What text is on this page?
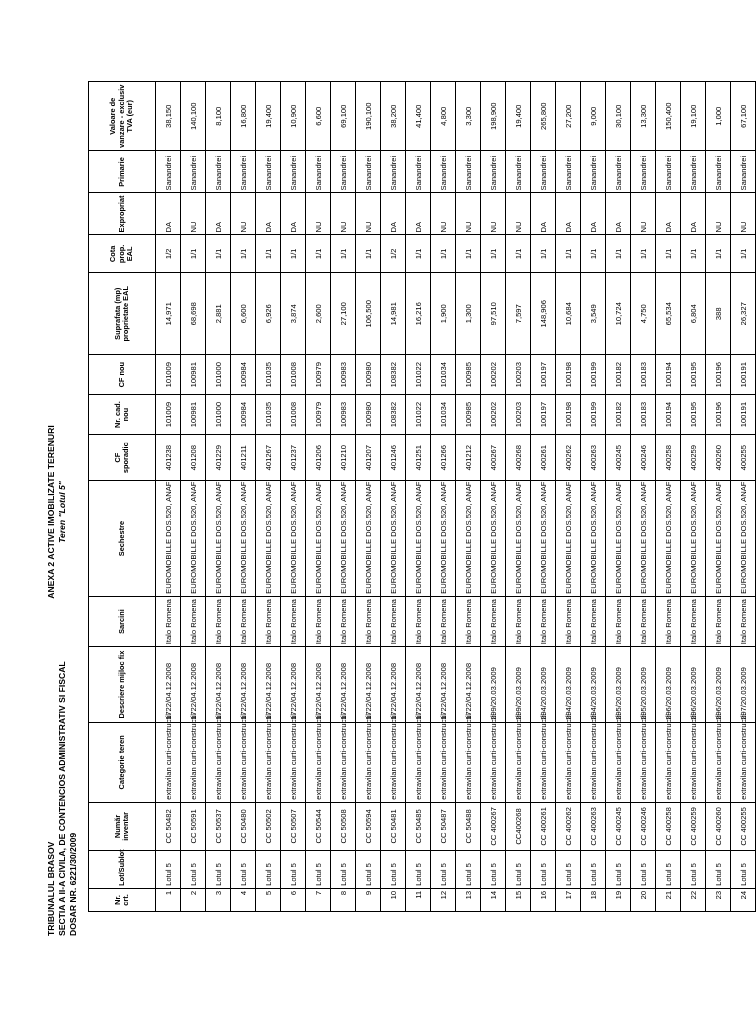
TRIBUNALUL BRASOV SECTIA A II-A CIVILA, DE CONTENCIOS ADMINISTRATIV SI FISCAL DOSAR NR. 6221/30/2009
ANEXA 2 ACTIVE IMOBILIZATE TERENURI Teren "Lotul 5"
Nr. crt.	Lot/Sublot	Număr inventar	Categorie teren	Descriere mijloc fix	Sarcini	Sechestre	CF sporadic	Nr. cad. nou	CF nou	Suprafata (mp) proprietate EAL	Cota prop. EAL	Expropriat	Primarie	Valoare de vanzare - exclusiv TVA (eur)
1	Lotul 5	CC 50482	extravilan curti-constructii	1722/04.12.2008	Italo Romena	EUROMOBILLE DOS.520, ANAF	401238	101009	101009	14,971	1/2	DA	Sanandrei	38,150
2	Lotul 5	CC 50591	extravilan curti-constructii	1722/04.12.2008	Italo Romena	EUROMOBILLE DOS.520, ANAF	401208	100981	100981	68,698	1/1	NU	Sanandrei	140,100
3	Lotul 5	CC 50537	extravilan curti-constructii	1722/04.12.2008	Italo Romena	EUROMOBILLE DOS.520, ANAF	401229	101000	101000	2,881	1/1	DA	Sanandrei	8,100
4	Lotul 5	CC 50480	extravilan curti-constructii	1722/04.12.2008	Italo Romena	EUROMOBILLE DOS.520, ANAF	401211	100984	100984	6,600	1/1	NU	Sanandrei	16,800
5	Lotul 5	CC 50502	extravilan curti-constructii	1722/04.12.2008	Italo Romena	EUROMOBILLE DOS.520, ANAF	401267	101035	101035	6,926	1/1	DA	Sanandrei	19,400
6	Lotul 5	CC 50507	extravilan curti-constructii	1722/04.12.2008	Italo Romena	EUROMOBILLE DOS.520, ANAF	401237	101008	101008	3,874	1/1	DA	Sanandrei	10,900
7	Lotul 5	CC 50544	extravilan curti-constructii	1722/04.12.2008	Italo Romena	EUROMOBILLE DOS.520, ANAF	401206	100979	100979	2,600	1/1	NU	Sanandrei	6,600
8	Lotul 5	CC 50508	extravilan curti-constructii	1722/04.12.2008	Italo Romena	EUROMOBILLE DOS.520, ANAF	401210	100983	100983	27,100	1/1	NU	Sanandrei	69,100
9	Lotul 5	CC 50594	extravilan curti-constructii	1722/04.12.2008	Italo Romena	EUROMOBILLE DOS.520, ANAF	401207	100980	100980	106,500	1/1	NU	Sanandrei	190,100
10	Lotul 5	CC 50481	extravilan curti-constructii	1722/04.12.2008	Italo Romena	EUROMOBILLE DOS.520, ANAF	401246	108382	108382	14,981	1/2	DA	Sanandrei	38,200
11	Lotul 5	CC 50485	extravilan curti-constructii	1722/04.12.2008	Italo Romena	EUROMOBILLE DOS.520, ANAF	401251	101022	101022	16,216	1/1	DA	Sanandrei	41,400
12	Lotul 5	CC 50487	extravilan curti-constructii	1722/04.12.2008	Italo Romena	EUROMOBILLE DOS.520, ANAF	401266	101034	101034	1,900	1/1	NU	Sanandrei	4,800
13	Lotul 5	CC 50488	extravilan curti-constructii	1722/04.12.2008	Italo Romena	EUROMOBILLE DOS.520, ANAF	401212	100985	100985	1,300	1/1	NU	Sanandrei	3,300
14	Lotul 5	CC 400267	extravilan curti-constructii	299/20.03.2009	Italo Romena	EUROMOBILLE DOS.520, ANAF	400267	100202	100202	97,510	1/1	NU	Sanandrei	198,900
15	Lotul 5	CC400268	extravilan curti-constructii	299/20.03.2009	Italo Romena	EUROMOBILLE DOS.520, ANAF	400268	100203	100203	7,597	1/1	NU	Sanandrei	19,400
16	Lotul 5	CC 400261	extravilan curti-constructii	294/20.03.2009	Italo Romena	EUROMOBILLE DOS.520, ANAF	400261	100197	100197	148,906	1/1	DA	Sanandrei	265,800
17	Lotul 5	CC 400262	extravilan curti-constructii	294/20.03.2009	Italo Romena	EUROMOBILLE DOS.520, ANAF	400262	100198	100198	10,684	1/1	DA	Sanandrei	27,200
18	Lotul 5	CC 400263	extravilan curti-constructii	294/20.03.2009	Italo Romena	EUROMOBILLE DOS.520, ANAF	400263	100199	100199	3,549	1/1	DA	Sanandrei	9,000
19	Lotul 5	CC 400245	extravilan curti-constructii	295/20.03.2009	Italo Romena	EUROMOBILLE DOS.520, ANAF	400245	100182	100182	10,724	1/1	DA	Sanandrei	30,100
20	Lotul 5	CC 400246	extravilan curti-constructii	295/20.03.2009	Italo Romena	EUROMOBILLE DOS.520, ANAF	400246	100183	100183	4,750	1/1	NU	Sanandrei	13,300
21	Lotul 5	CC 400258	extravilan curti-constructii	296/20.03.2009	Italo Romena	EUROMOBILLE DOS.520, ANAF	400258	100194	100194	65,534	1/1	DA	Sanandrei	150,400
22	Lotul 5	CC 400259	extravilan curti-constructii	296/20.03.2009	Italo Romena	EUROMOBILLE DOS.520, ANAF	400259	100195	100195	6,804	1/1	DA	Sanandrei	19,100
23	Lotul 5	CC 400260	extravilan curti-constructii	296/20.03.2009	Italo Romena	EUROMOBILLE DOS.520, ANAF	400260	100196	100196	388	1/1	NU	Sanandrei	1,000
24	Lotul 5	CC 400255	extravilan curti-constructii	297/20.03.2009	Italo Romena	EUROMOBILLE DOS.520, ANAF	400255	100191	100191	26,327	1/1	NU	Sanandrei	67,100
